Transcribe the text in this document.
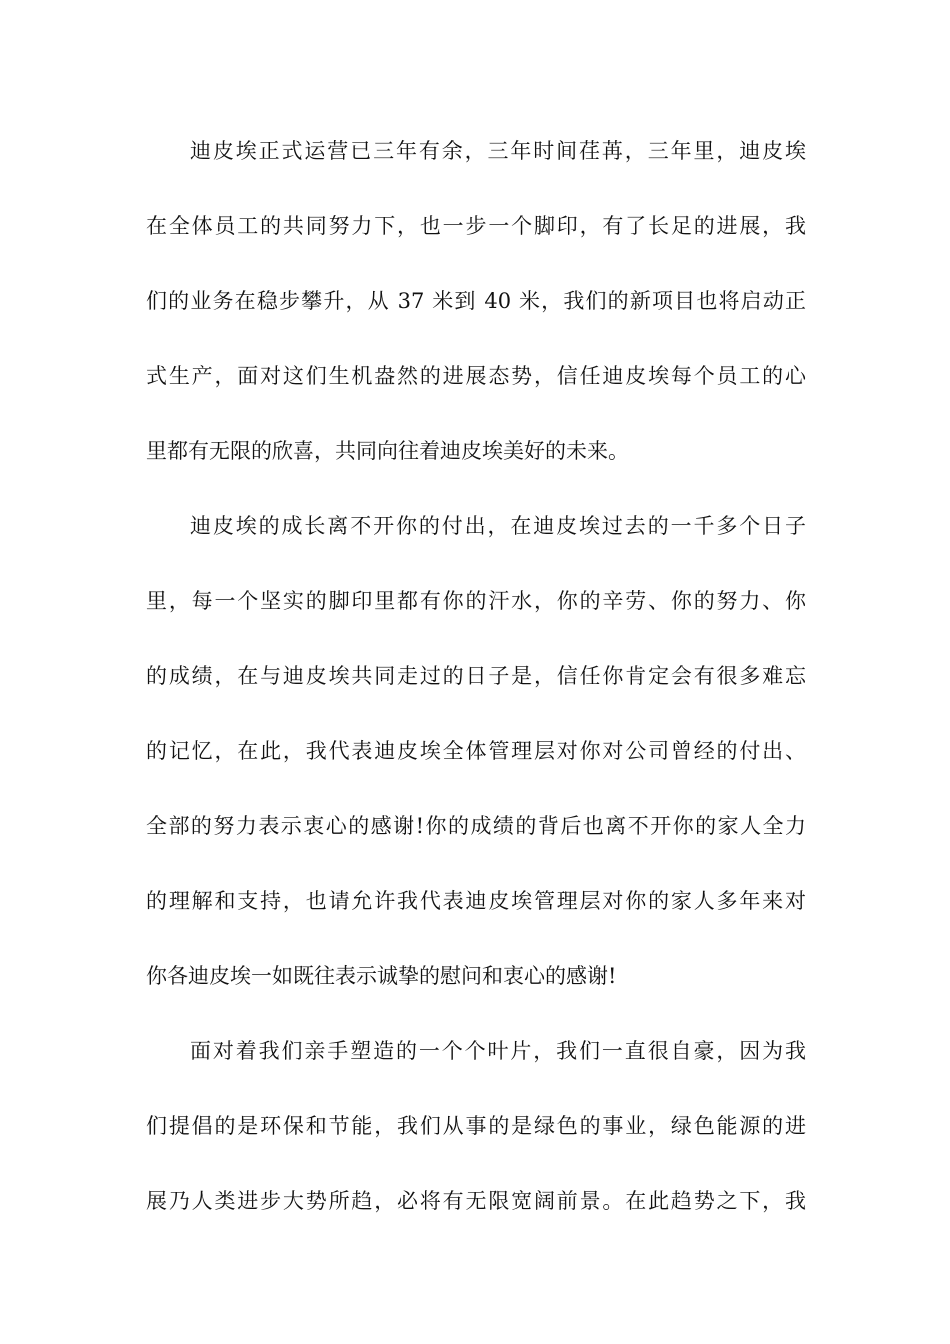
迪皮埃正式运营已三年有余，三年时间荏苒，三年里，迪皮埃
在全体员工的共同努力下，也一步一个脚印，有了长足的进展，我
们的业务在稳步攀升，从 37 米到 40 米，我们的新项目也将启动正
式生产，面对这们生机盎然的进展态势，信任迪皮埃每个员工的心
里都有无限的欣喜，共同向往着迪皮埃美好的未来。
迪皮埃的成长离不开你的付出，在迪皮埃过去的一千多个日子
里，每一个坚实的脚印里都有你的汗水，你的辛劳、你的努力、你
的成绩，在与迪皮埃共同走过的日子是，信任你肯定会有很多难忘
的记忆，在此，我代表迪皮埃全体管理层对你对公司曾经的付出、
全部的努力表示衷心的感谢!你的成绩的背后也离不开你的家人全力
的理解和支持，也请允许我代表迪皮埃管理层对你的家人多年来对
你各迪皮埃一如既往表示诚挚的慰问和衷心的感谢!
面对着我们亲手塑造的一个个叶片，我们一直很自豪，因为我
们提倡的是环保和节能，我们从事的是绿色的事业，绿色能源的进
展乃人类进步大势所趋，必将有无限宽阔前景。在此趋势之下，我
